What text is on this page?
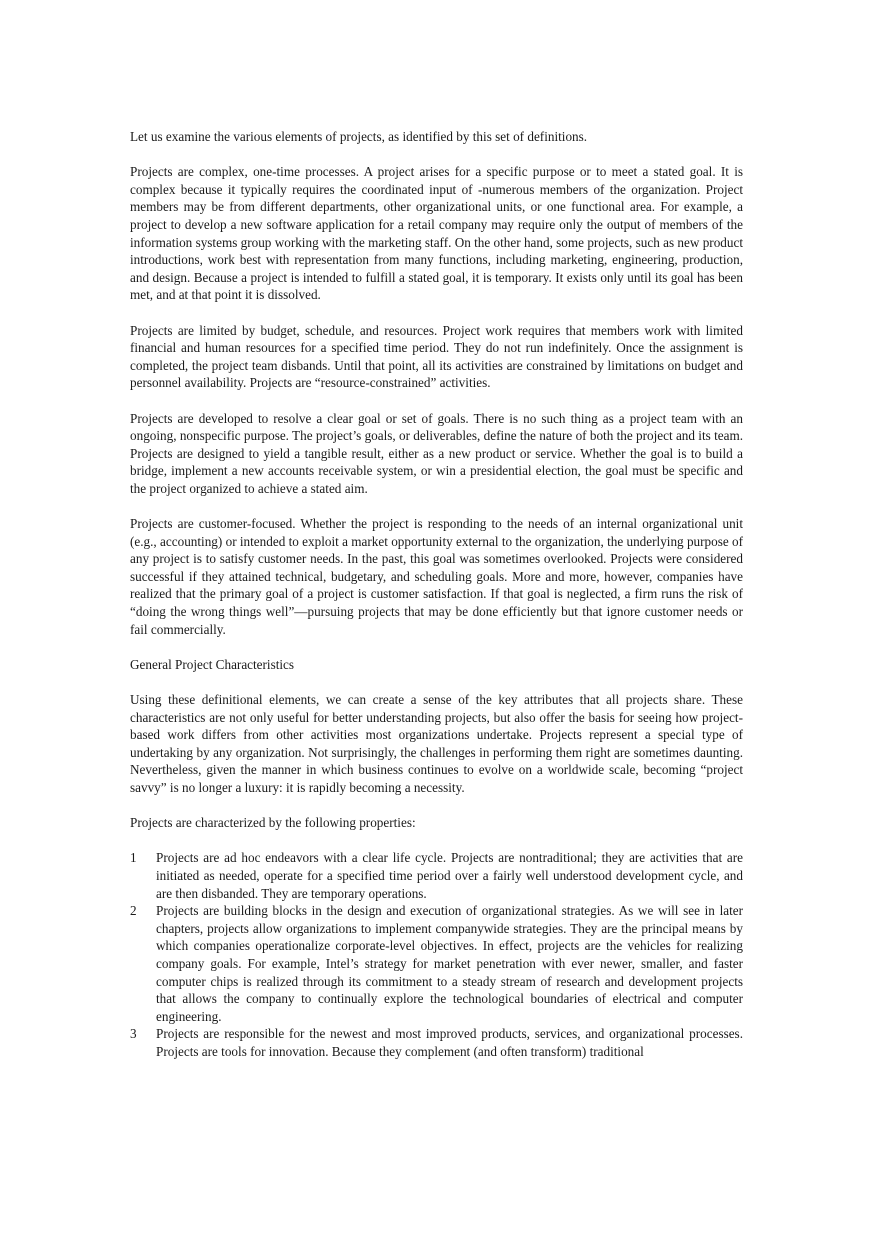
Let us examine the various elements of projects, as identified by this set of definitions.

Projects are complex, one-time processes. A project arises for a specific purpose or to meet a stated goal. It is complex because it typically requires the coordinated input of -numerous members of the organization. Project members may be from different departments, other organizational units, or one functional area. For example, a project to develop a new software application for a retail company may require only the output of members of the information systems group working with the marketing staff. On the other hand, some projects, such as new product introductions, work best with representation from many functions, including marketing, engineering, production, and design. Because a project is intended to fulfill a stated goal, it is temporary. It exists only until its goal has been met, and at that point it is dissolved.

Projects are limited by budget, schedule, and resources. Project work requires that members work with limited financial and human resources for a specified time period. They do not run indefinitely. Once the assignment is completed, the project team disbands. Until that point, all its activities are constrained by limitations on budget and personnel availability. Projects are “resource-constrained” activities.

Projects are developed to resolve a clear goal or set of goals. There is no such thing as a project team with an ongoing, nonspecific purpose. The project’s goals, or deliverables, define the nature of both the project and its team. Projects are designed to yield a tangible result, either as a new product or service. Whether the goal is to build a bridge, implement a new accounts receivable system, or win a presidential election, the goal must be specific and the project organized to achieve a stated aim.

Projects are customer-focused. Whether the project is responding to the needs of an internal organizational unit (e.g., accounting) or intended to exploit a market opportunity external to the organization, the underlying purpose of any project is to satisfy customer needs. In the past, this goal was sometimes overlooked. Projects were considered successful if they attained technical, budgetary, and scheduling goals. More and more, however, companies have realized that the primary goal of a project is customer satisfaction. If that goal is neglected, a firm runs the risk of “doing the wrong things well”—pursuing projects that may be done efficiently but that ignore customer needs or fail commercially.

General Project Characteristics

Using these definitional elements, we can create a sense of the key attributes that all projects share. These characteristics are not only useful for better understanding projects, but also offer the basis for seeing how project-based work differs from other activities most organizations undertake. Projects represent a special type of undertaking by any organization. Not surprisingly, the challenges in performing them right are sometimes daunting. Nevertheless, given the manner in which business continues to evolve on a worldwide scale, becoming “project savvy” is no longer a luxury: it is rapidly becoming a necessity.

Projects are characterized by the following properties:

1 Projects are ad hoc endeavors with a clear life cycle. Projects are nontraditional; they are activities that are initiated as needed, operate for a specified time period over a fairly well understood development cycle, and are then disbanded. They are temporary operations.
2 Projects are building blocks in the design and execution of organizational strategies. As we will see in later chapters, projects allow organizations to implement companywide strategies. They are the principal means by which companies operationalize corporate-level objectives. In effect, projects are the vehicles for realizing company goals. For example, Intel’s strategy for market penetration with ever newer, smaller, and faster computer chips is realized through its commitment to a steady stream of research and development projects that allows the company to continually explore the technological boundaries of electrical and computer engineering.
3 Projects are responsible for the newest and most improved products, services, and organizational processes. Projects are tools for innovation. Because they complement (and often transform) traditional
